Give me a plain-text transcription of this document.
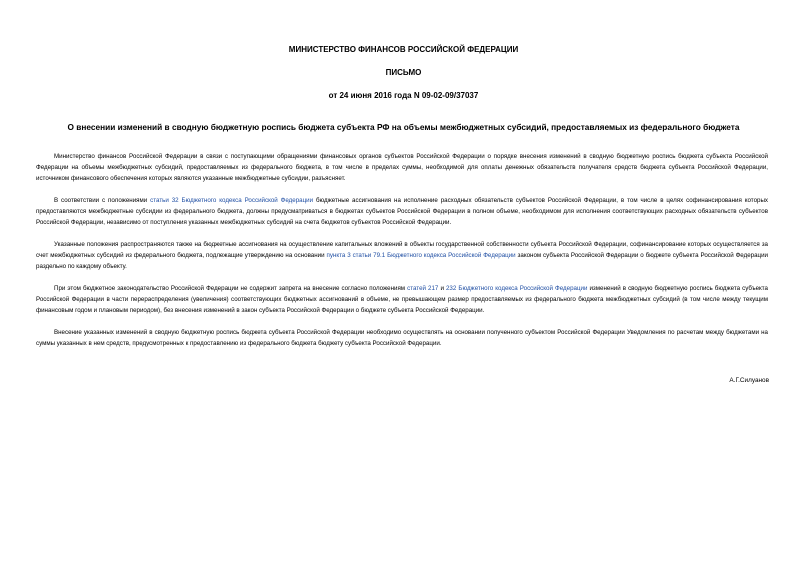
МИНИСТЕРСТВО ФИНАНСОВ РОССИЙСКОЙ ФЕДЕРАЦИИ
ПИСЬМО
от 24 июня 2016 года N 09-02-09/37037
О внесении изменений в сводную бюджетную роспись бюджета субъекта РФ на объемы межбюджетных субсидий, предоставляемых из федерального бюджета

Министерство финансов Российской Федерации в связи с поступающими обращениями финансовых органов субъектов Российской Федерации о порядке внесения изменений в сводную бюджетную роспись бюджета субъекта Российской Федерации на объемы межбюджетных субсидий, предоставляемых из федерального бюджета, в том числе в пределах суммы, необходимой для оплаты денежных обязательств получателя средств бюджета субъекта Российской Федерации, источником финансового обеспечения которых являются указанные межбюджетные субсидии, разъясняет.

В соответствии с положениями статьи 32 Бюджетного кодекса Российской Федерации бюджетные ассигнования на исполнение расходных обязательств субъектов Российской Федерации, в том числе в целях софинансирования которых предоставляются межбюджетные субсидии из федерального бюджета, должны предусматриваться в бюджетах субъектов Российской Федерации в полном объеме, необходимом для исполнения соответствующих расходных обязательств субъектов Российской Федерации, независимо от поступления указанных межбюджетных субсидий на счета бюджетов субъектов Российской Федерации.

Указанные положения распространяются также на бюджетные ассигнования на осуществление капитальных вложений в объекты государственной собственности субъекта Российской Федерации, софинансирование которых осуществляется за счет межбюджетных субсидий из федерального бюджета, подлежащие утверждению на основании пункта 3 статьи 79.1 Бюджетного кодекса Российской Федерации законом субъекта Российской Федерации о бюджете субъекта Российской Федерации раздельно по каждому объекту.

При этом бюджетное законодательство Российской Федерации не содержит запрета на внесение согласно положениям статей 217 и 232 Бюджетного кодекса Российской Федерации изменений в сводную бюджетную роспись бюджета субъекта Российской Федерации в части перераспределения (увеличения) соответствующих бюджетных ассигнований в объеме, не превышающем размер предоставляемых из федерального бюджета межбюджетных субсидий (в том числе между текущим финансовым годом и плановым периодом), без внесения изменений в закон субъекта Российской Федерации о бюджете субъекта Российской Федерации.

Внесение указанных изменений в сводную бюджетную роспись бюджета субъекта Российской Федерации необходимо осуществлять на основании полученного субъектом Российской Федерации Уведомления по расчетам между бюджетами на суммы указанных в нем средств, предусмотренных к предоставлению из федерального бюджета бюджету субъекта Российской Федерации.

А.Г.Силуанов
